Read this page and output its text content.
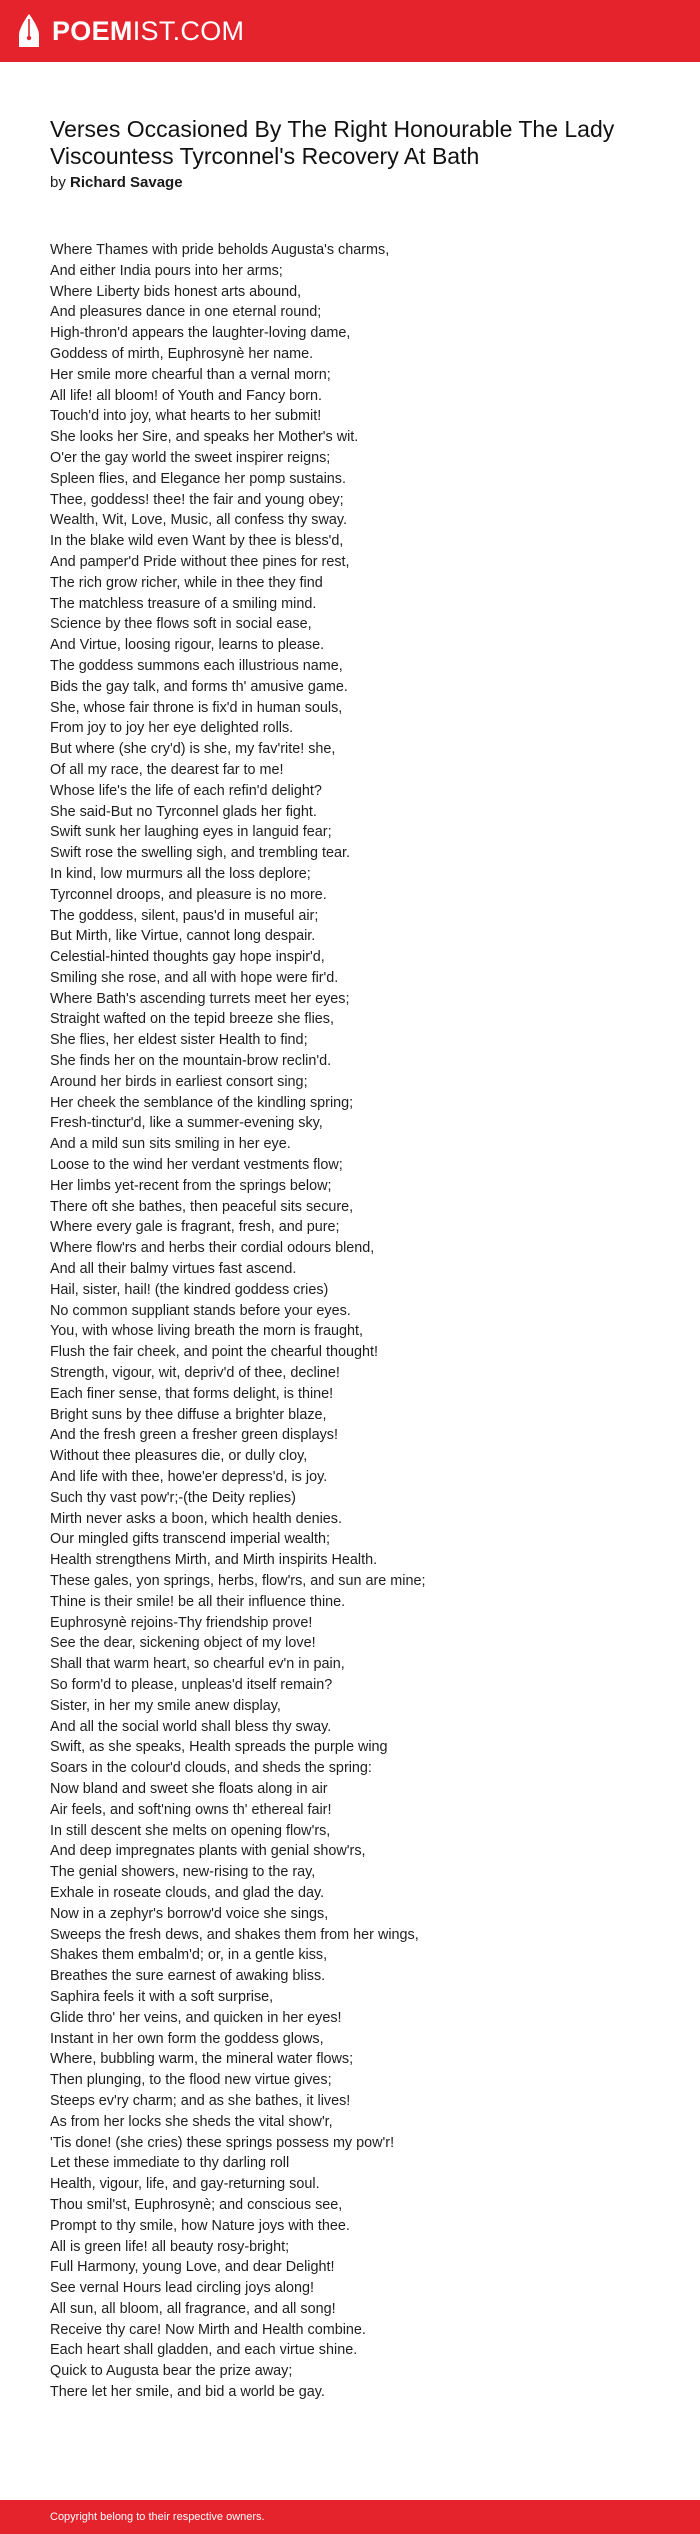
POEMIST.COM
Verses Occasioned By The Right Honourable The Lady Viscountess Tyrconnel's Recovery At Bath
by Richard Savage
Where Thames with pride beholds Augusta's charms,
And either India pours into her arms;
Where Liberty bids honest arts abound,
And pleasures dance in one eternal round;
High-thron'd appears the laughter-loving dame,
Goddess of mirth, Euphrosynè her name.
Her smile more chearful than a vernal morn;
All life! all bloom! of Youth and Fancy born.
Touch'd into joy, what hearts to her submit!
She looks her Sire, and speaks her Mother's wit.
O'er the gay world the sweet inspirer reigns;
Spleen flies, and Elegance her pomp sustains.
Thee, goddess! thee! the fair and young obey;
Wealth, Wit, Love, Music, all confess thy sway.
In the blake wild even Want by thee is bless'd,
And pamper'd Pride without thee pines for rest,
The rich grow richer, while in thee they find
The matchless treasure of a smiling mind.
Science by thee flows soft in social ease,
And Virtue, loosing rigour, learns to please.
The goddess summons each illustrious name,
Bids the gay talk, and forms th' amusive game.
She, whose fair throne is fix'd in human souls,
From joy to joy her eye delighted rolls.
But where (she cry'd) is she, my fav'rite! she,
Of all my race, the dearest far to me!
Whose life's the life of each refin'd delight?
She said-But no Tyrconnel glads her fight.
Swift sunk her laughing eyes in languid fear;
Swift rose the swelling sigh, and trembling tear.
In kind, low murmurs all the loss deplore;
Tyrconnel droops, and pleasure is no more.
The goddess, silent, paus'd in museful air;
But Mirth, like Virtue, cannot long despair.
Celestial-hinted thoughts gay hope inspir'd,
Smiling she rose, and all with hope were fir'd.
Where Bath's ascending turrets meet her eyes;
Straight wafted on the tepid breeze she flies,
She flies, her eldest sister Health to find;
She finds her on the mountain-brow reclin'd.
Around her birds in earliest consort sing;
Her cheek the semblance of the kindling spring;
Fresh-tinctur'd, like a summer-evening sky,
And a mild sun sits smiling in her eye.
Loose to the wind her verdant vestments flow;
Her limbs yet-recent from the springs below;
There oft she bathes, then peaceful sits secure,
Where every gale is fragrant, fresh, and pure;
Where flow'rs and herbs their cordial odours blend,
And all their balmy virtues fast ascend.
Hail, sister, hail! (the kindred goddess cries)
No common suppliant stands before your eyes.
You, with whose living breath the morn is fraught,
Flush the fair cheek, and point the chearful thought!
Strength, vigour, wit, depriv'd of thee, decline!
Each finer sense, that forms delight, is thine!
Bright suns by thee diffuse a brighter blaze,
And the fresh green a fresher green displays!
Without thee pleasures die, or dully cloy,
And life with thee, howe'er depress'd, is joy.
Such thy vast pow'r;-(the Deity replies)
Mirth never asks a boon, which health denies.
Our mingled gifts transcend imperial wealth;
Health strengthens Mirth, and Mirth inspirits Health.
These gales, yon springs, herbs, flow'rs, and sun are mine;
Thine is their smile! be all their influence thine.
Euphrosynè rejoins-Thy friendship prove!
See the dear, sickening object of my love!
Shall that warm heart, so chearful ev'n in pain,
So form'd to please, unpleas'd itself remain?
Sister, in her my smile anew display,
And all the social world shall bless thy sway.
Swift, as she speaks, Health spreads the purple wing
Soars in the colour'd clouds, and sheds the spring:
Now bland and sweet she floats along in air
Air feels, and soft'ning owns th' ethereal fair!
In still descent she melts on opening flow'rs,
And deep impregnates plants with genial show'rs,
The genial showers, new-rising to the ray,
Exhale in roseate clouds, and glad the day.
Now in a zephyr's borrow'd voice she sings,
Sweeps the fresh dews, and shakes them from her wings,
Shakes them embalm'd; or, in a gentle kiss,
Breathes the sure earnest of awaking bliss.
Saphira feels it with a soft surprise,
Glide thro' her veins, and quicken in her eyes!
Instant in her own form the goddess glows,
Where, bubbling warm, the mineral water flows;
Then plunging, to the flood new virtue gives;
Steeps ev'ry charm; and as she bathes, it lives!
As from her locks she sheds the vital show'r,
'Tis done! (she cries) these springs possess my pow'r!
Let these immediate to thy darling roll
Health, vigour, life, and gay-returning soul.
Thou smil'st, Euphrosynè; and conscious see,
Prompt to thy smile, how Nature joys with thee.
All is green life! all beauty rosy-bright;
Full Harmony, young Love, and dear Delight!
See vernal Hours lead circling joys along!
All sun, all bloom, all fragrance, and all song!
Receive thy care! Now Mirth and Health combine.
Each heart shall gladden, and each virtue shine.
Quick to Augusta bear the prize away;
There let her smile, and bid a world be gay.
Copyright belong to their respective owners.
